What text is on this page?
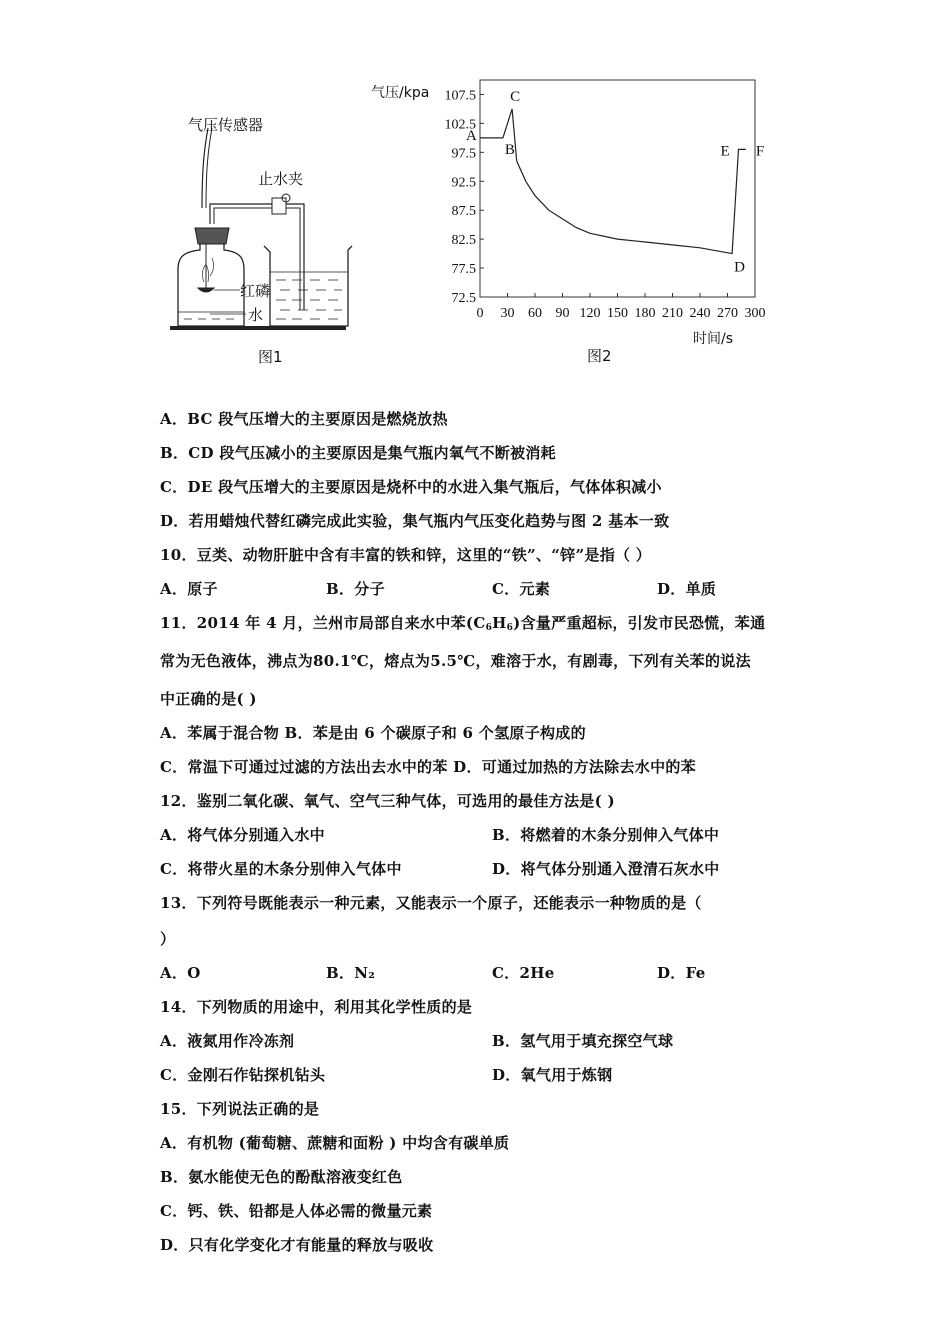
气压传感器
止水夹
红磷
水
图1
气压/kpa 107.5
102.5
97.5
92.5
87.5
82.5
77.5
72.5
0 30 60 90 120 150 180 210 240 270 300
A
B
C
D
E F
时间/s
图2
A．BC 段气压增大的主要原因是燃烧放热
B．CD 段气压减小的主要原因是集气瓶内氧气不断被消耗
C．DE 段气压增大的主要原因是烧杯中的水进入集气瓶后，气体体积减小
D．若用蜡烛代替红磷完成此实验，集气瓶内气压变化趋势与图 2 基本一致
10．豆类、动物肝脏中含有丰富的铁和锌，这里的“铁”、“锌”是指（ ）
A．原子	B．分子	C．元素	D．单质
11．2014 年 4 月，兰州市局部自来水中苯$(C_6H_6)$含量严重超标，引发市民恐慌，苯通
常为无色液体，沸点为80.1℃，熔点为5.5℃，难溶于水，有剧毒，下列有关苯的说法
中正确的是( )
A．苯属于混合物 B．苯是由 6 个碳原子和 6 个氢原子构成的
C．常温下可通过过滤的方法出去水中的苯 D．可通过加热的方法除去水中的苯
12．鉴别二氧化碳、氧气、空气三种气体，可选用的最佳方法是( )
A．将气体分别通入水中	B．将燃着的木条分别伸入气体中
C．将带火星的木条分别伸入气体中	D．将气体分别通入澄清石灰水中
13．下列符号既能表示一种元素，又能表示一个原子，还能表示一种物质的是（
）
A．O	B．N₂	C．2He	D．Fe
14．下列物质的用途中，利用其化学性质的是
A．液氮用作冷冻剂	B．氢气用于填充探空气球
C．金刚石作钻探机钻头	D．氧气用于炼钢
15．下列说法正确的是
A．有机物 (葡萄糖、蔗糖和面粉 ) 中均含有碳单质
B．氨水能使无色的酚酞溶液变红色
C．钙、铁、铅都是人体必需的微量元素
D．只有化学变化才有能量的释放与吸收
